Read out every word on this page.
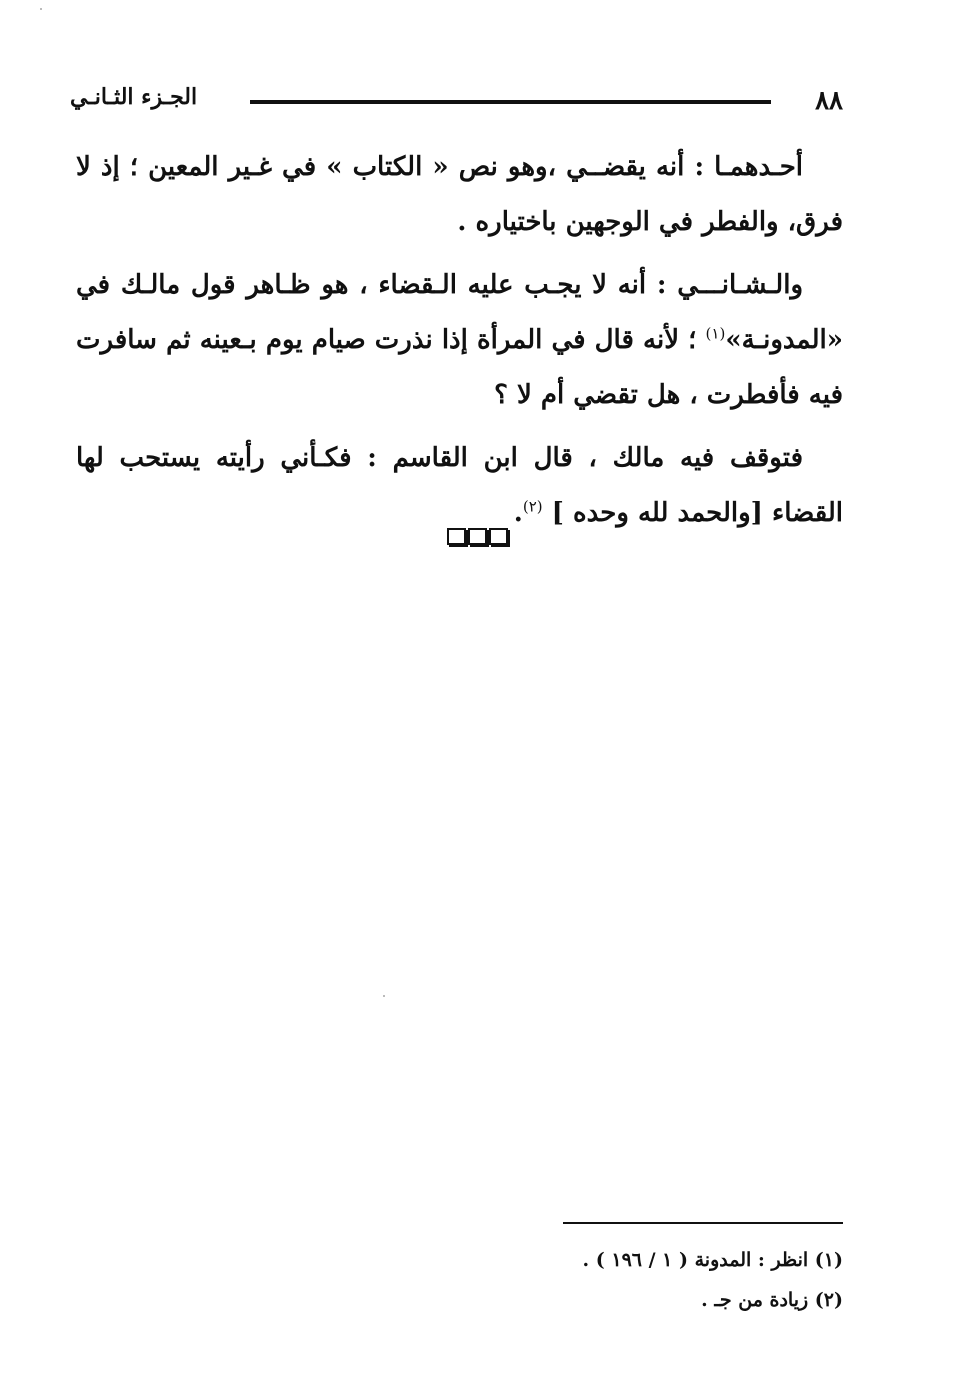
٨٨
الجـزء الثـانـي

أحـدهمـا : أنه يقضــي ،وهو نص « الكتاب » في غـير المعين ؛ إذ لا فرق، والفطر في الوجهين باختياره .

والـشـانـــي : أنه لا يجـب عليه الـقضاء ، هو ظـاهر قول مالـك في «المدونـة»$^{(١)}$ ؛ لأنه قال في المرأة إذا نذرت صيام يوم بـعينه ثم سافرت فيه فأفطرت ، هل تقضي أم لا ؟

فتوقف فيه مالك ، قال ابن القاسم : فكـأني رأيته يستحب لها القضاء [والحمد لله وحده ] $^{(٢)}$.

(١) انظر : المدونة ( ١ / ١٩٦ ) .

(٢) زيادة من جـ .
